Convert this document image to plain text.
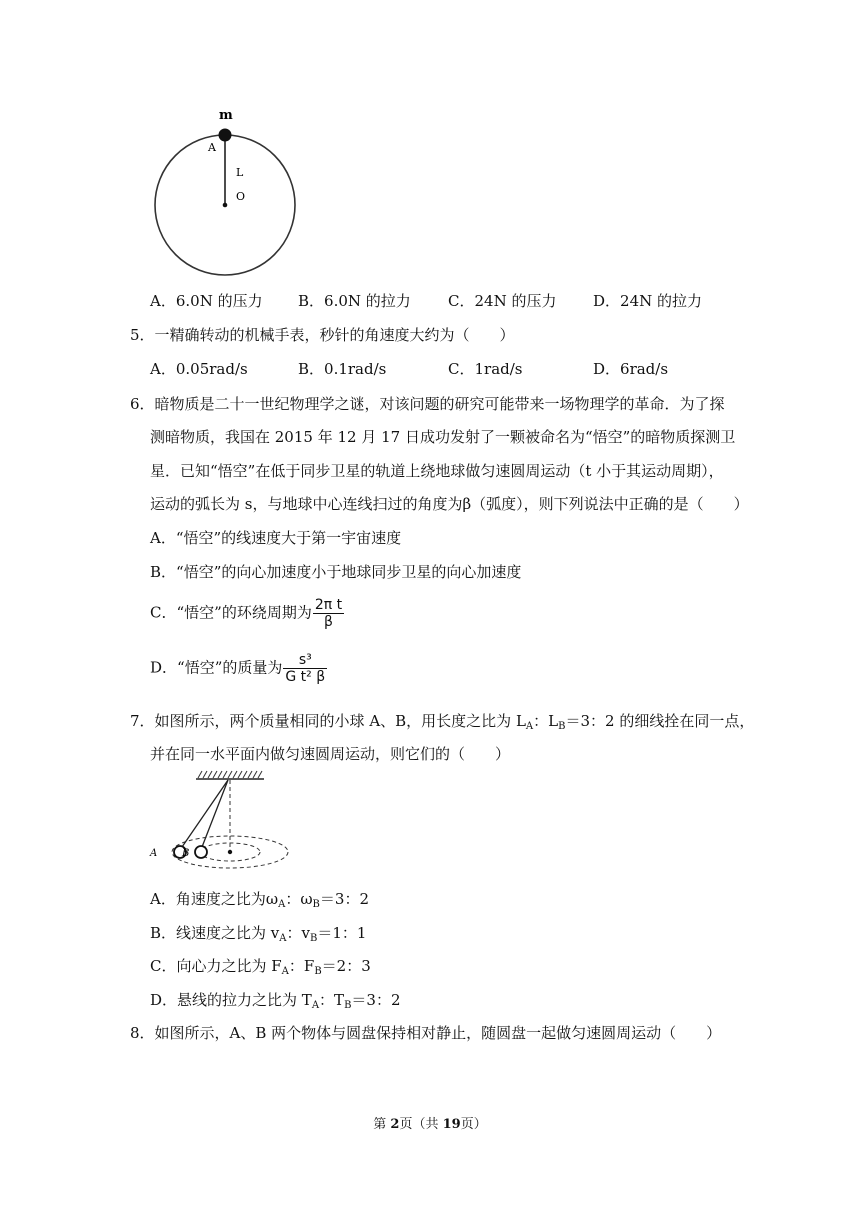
m
A
L
O
A．6.0N 的压力 B．6.0N 的拉力 C．24N 的压力 D．24N 的拉力
5．一精确转动的机械手表，秒针的角速度大约为（　　）
A．0.05rad/s	B．0.1rad/s	C．1rad/s	D．6rad/s
6．暗物质是二十一世纪物理学之谜，对该问题的研究可能带来一场物理学的革命．为了探
测暗物质，我国在 2015 年 12 月 17 日成功发射了一颗被命名为“悟空”的暗物质探测卫
星．已知“悟空”在低于同步卫星的轨道上绕地球做匀速圆周运动（t 小于其运动周期），
运动的弧长为 s，与地球中心连线扫过的角度为β（弧度），则下列说法中正确的是（　　）
A．“悟空”的线速度大于第一宇宙速度
B．“悟空”的向心加速度小于地球同步卫星的向心加速度
C．“悟空”的环绕周期为 $\frac{\text{2π t}}{\beta}$
D．“悟空”的质量为 $\frac{\text{s³}}{\text{G t² β}}$
7．如图所示，两个质量相同的小球 A、B，用长度之比为 $L_A$：$L_B=3$：2 的细线拴在同一点，
并在同一水平面内做匀速圆周运动，则它们的（　　）
A B
A．角速度之比为$\omega_A$：$\omega_B=3$：2
B．线速度之比为 $v_A$：$v_B=1$：1
C．向心力之比为 $F_A$：$F_B=2$：3
D．悬线的拉力之比为 $T_A$：$T_B=3$：2
8．如图所示，A、B 两个物体与圆盘保持相对静止，随圆盘一起做匀速圆周运动（　　）
第 2页（共 19页）
